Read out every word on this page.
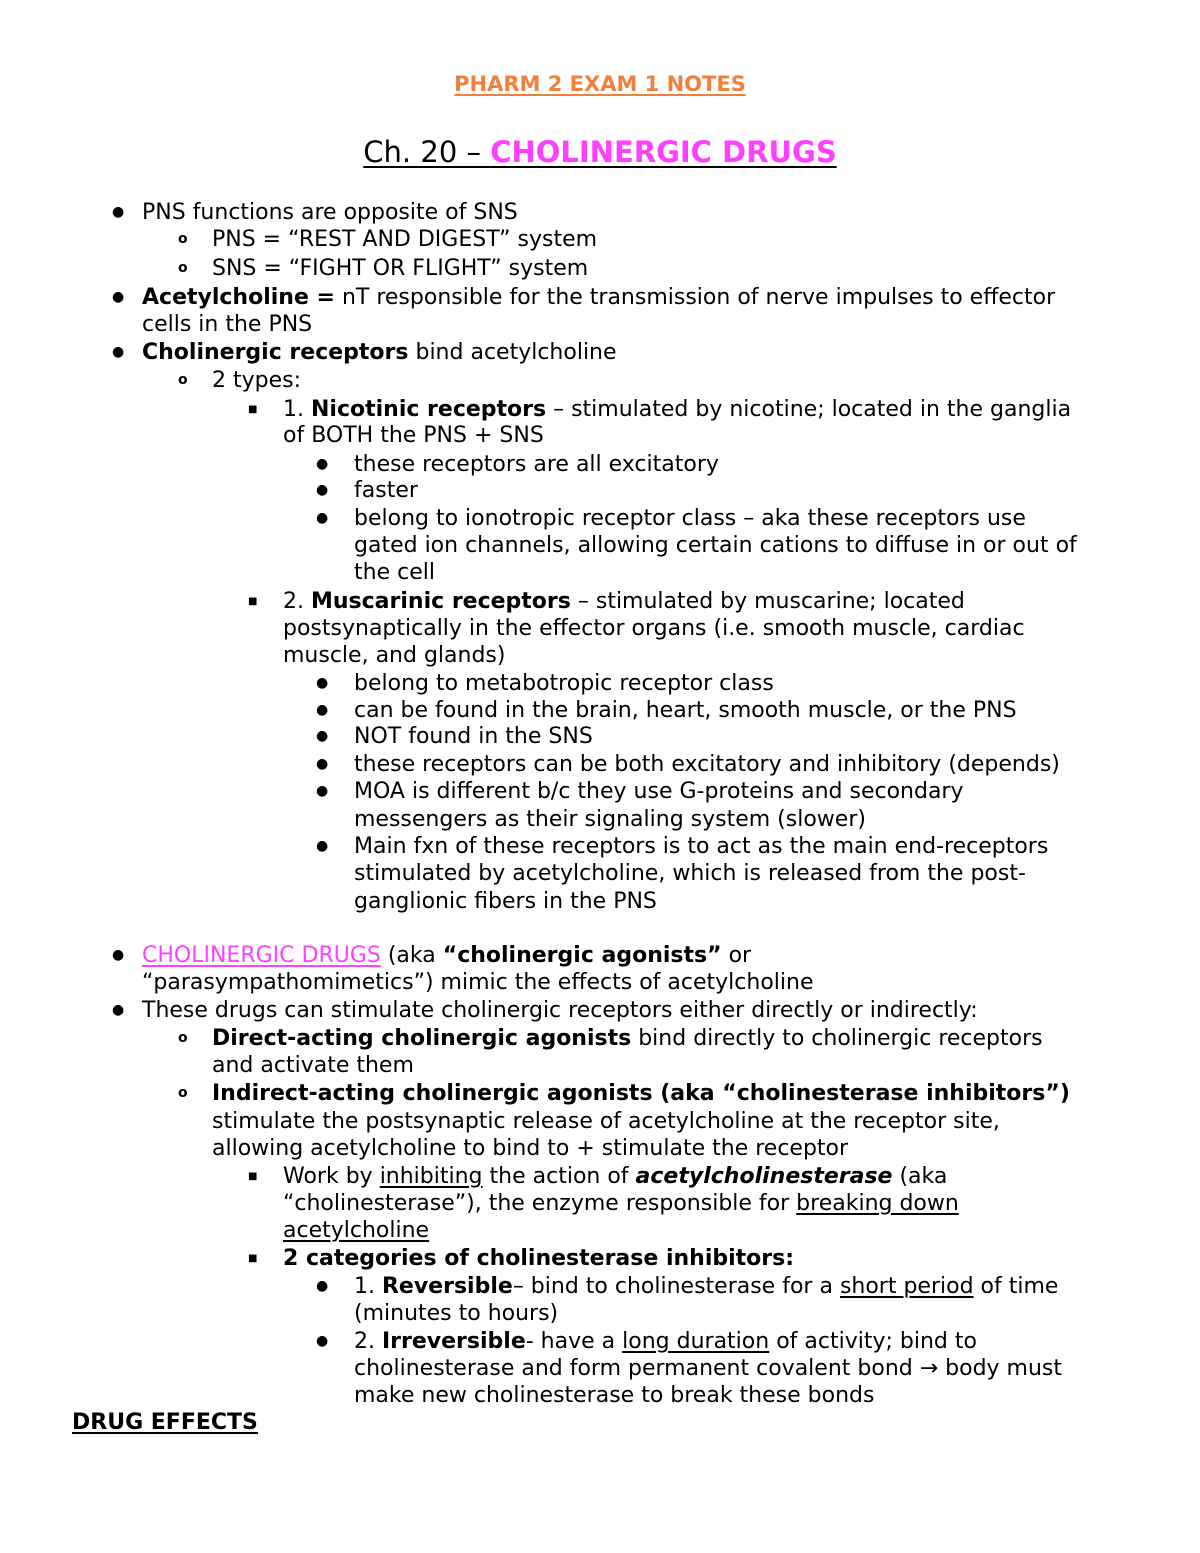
PHARM 2 EXAM 1 NOTES
Ch. 20 – CHOLINERGIC DRUGS
●
o
o
●
●
o
■
●
●
●
■
●
●
●
●
●
●
●
●
o
o
■
■
●
●
PNS functions are opposite of SNS
PNS = “REST AND DIGEST” system
SNS = “FIGHT OR FLIGHT” system
Acetylcholine = nT responsible for the transmission of nerve impulses to effector
cells in the PNS
Cholinergic receptors bind acetylcholine
2 types:
1. Nicotinic receptors – stimulated by nicotine; located in the ganglia
of BOTH the PNS + SNS
these receptors are all excitatory
faster
belong to ionotropic receptor class – aka these receptors use
gated ion channels, allowing certain cations to diffuse in or out of
the cell
2. Muscarinic receptors – stimulated by muscarine; located
postsynaptically in the effector organs (i.e. smooth muscle, cardiac
muscle, and glands)
belong to metabotropic receptor class
can be found in the brain, heart, smooth muscle, or the PNS
NOT found in the SNS
these receptors can be both excitatory and inhibitory (depends)
MOA is different b/c they use G-proteins and secondary
messengers as their signaling system (slower)
Main fxn of these receptors is to act as the main end-receptors
stimulated by acetylcholine, which is released from the post-
ganglionic fibers in the PNS
CHOLINERGIC DRUGS (aka “cholinergic agonists” or
“parasympathomimetics”) mimic the effects of acetylcholine
These drugs can stimulate cholinergic receptors either directly or indirectly:
Direct-acting cholinergic agonists bind directly to cholinergic receptors
and activate them
Indirect-acting cholinergic agonists (aka “cholinesterase inhibitors”)
stimulate the postsynaptic release of acetylcholine at the receptor site,
allowing acetylcholine to bind to + stimulate the receptor
Work by inhibiting the action of acetylcholinesterase (aka
“cholinesterase”), the enzyme responsible for breaking down
acetylcholine
2 categories of cholinesterase inhibitors:
1. Reversible– bind to cholinesterase for a short period of time
(minutes to hours)
2. Irreversible- have a long duration of activity; bind to
cholinesterase and form permanent covalent bond → body must
make new cholinesterase to break these bonds
DRUG EFFECTS
